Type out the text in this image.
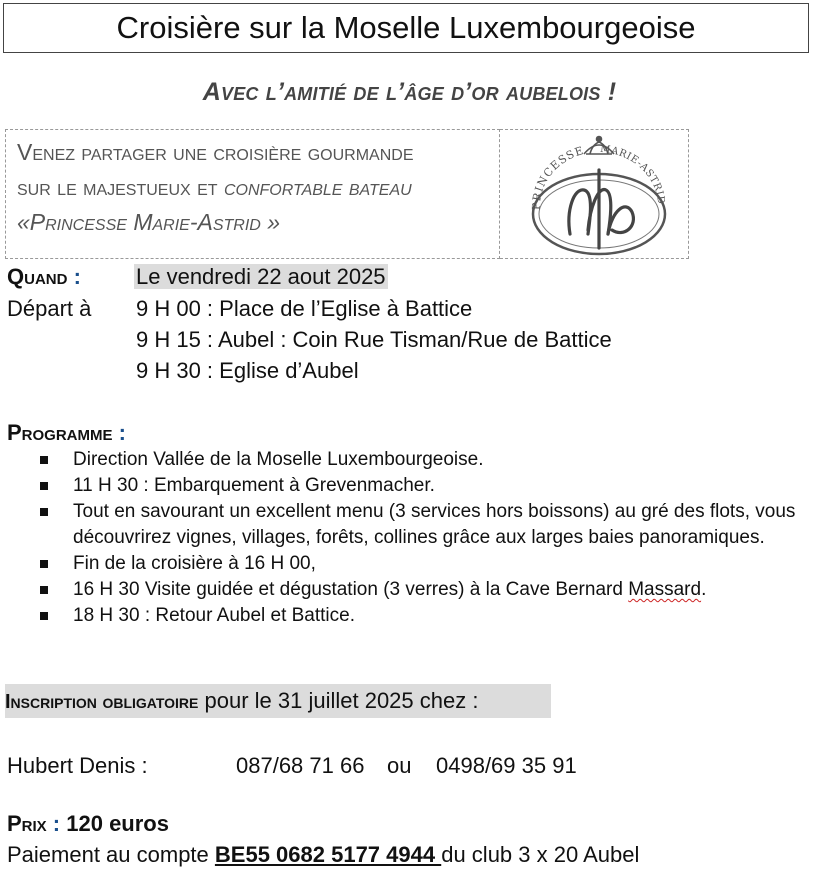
Croisière sur la Moselle Luxembourgeoise
Avec l’amitié de l’âge d’or aubelois !
Venez partager une croisière gourmande
sur le majestueux et confortable bateau
«Princesse Marie-Astrid »
PRINCESSE MARIE-ASTRID
Quand :	Le vendredi 22 aout 2025
Départ à 9 H 00 : Place de l’Eglise à Battice
9 H 15 : Aubel : Coin Rue Tisman/Rue de Battice
9 H 30 : Eglise d’Aubel
Programme :
Direction Vallée de la Moselle Luxembourgeoise.
11 H 30 : Embarquement à Grevenmacher.
Tout en savourant un excellent menu (3 services hors boissons) au gré des flots, vous découvrirez vignes, villages, forêts, collines grâce aux larges baies panoramiques.
Fin de la croisière à 16 H 00,
16 H 30 Visite guidée et dégustation (3 verres) à la Cave Bernard Massard.
18 H 30 : Retour Aubel et Battice.
Inscription obligatoire pour le 31 juillet 2025 chez :
Hubert Denis :	087/68 71 66 ou 0498/69 35 91
Prix : 120 euros
Paiement au compte BE55 0682 5177 4944 du club 3 x 20 Aubel
